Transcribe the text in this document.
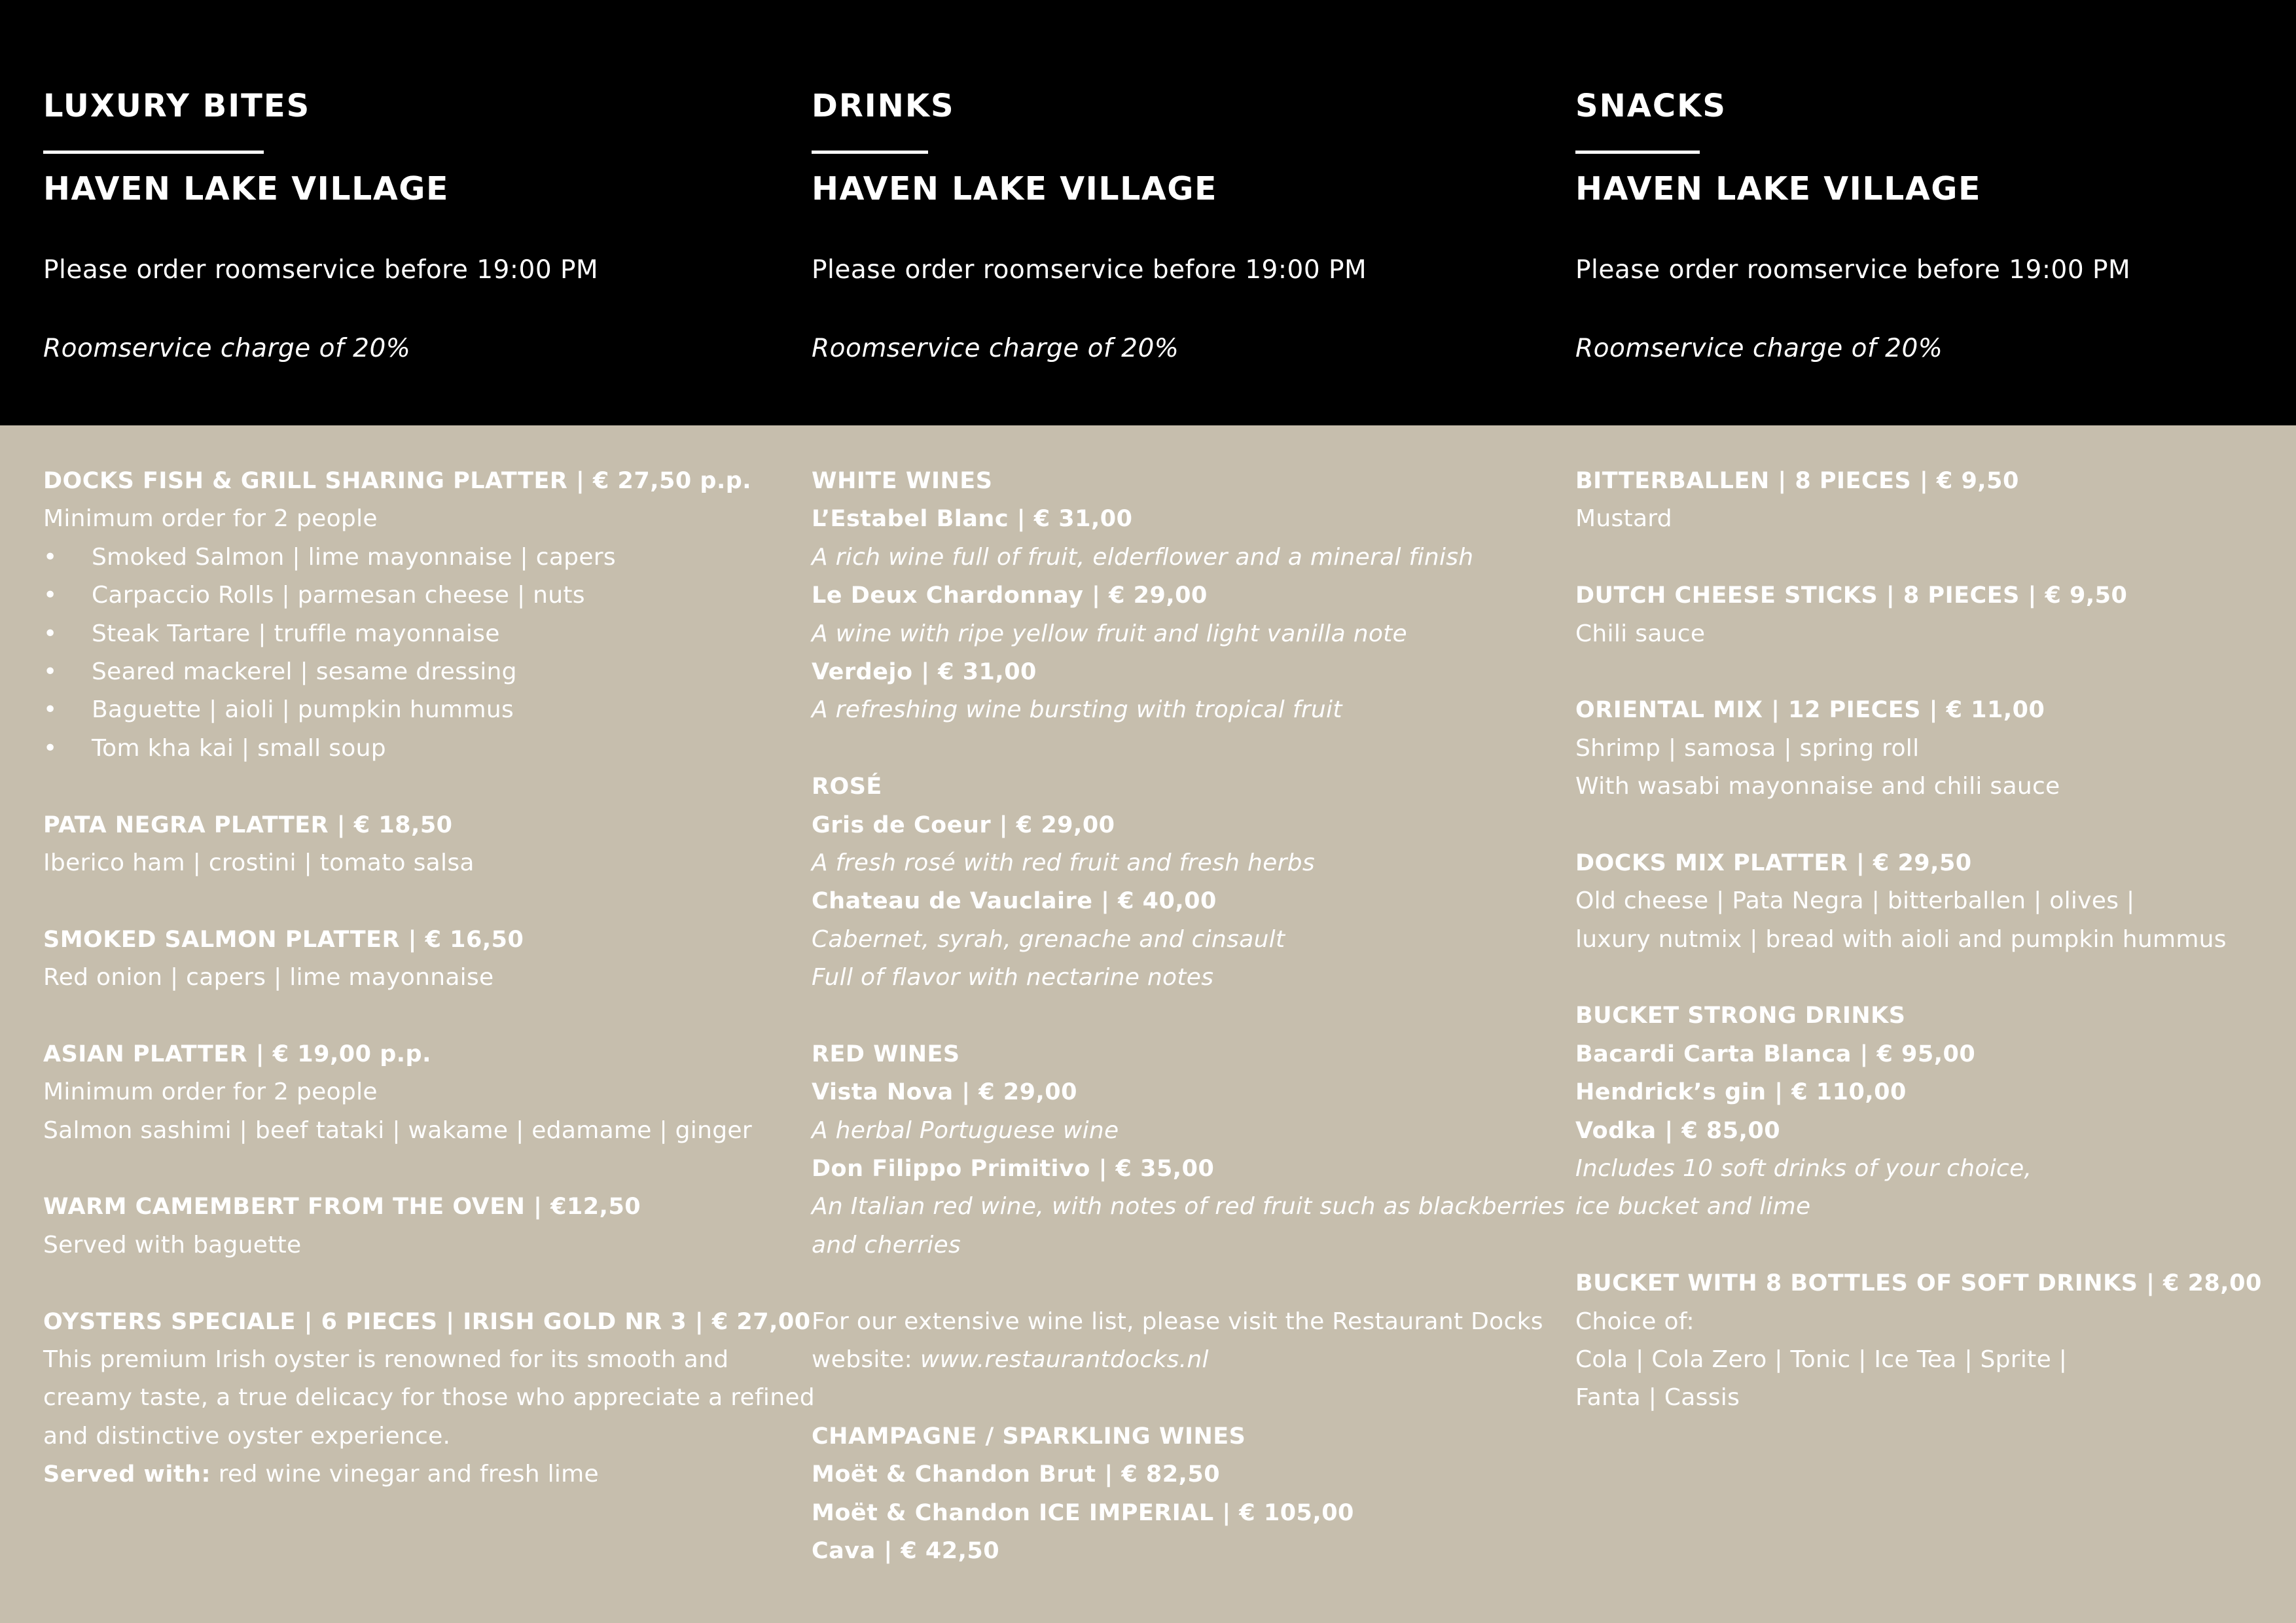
LUXURY BITES
HAVEN LAKE VILLAGE
Please order roomservice before 19:00 PM
Roomservice charge of 20%
DRINKS
HAVEN LAKE VILLAGE
Please order roomservice before 19:00 PM
Roomservice charge of 20%
SNACKS
HAVEN LAKE VILLAGE
Please order roomservice before 19:00 PM
Roomservice charge of 20%
DOCKS FISH & GRILL SHARING PLATTER | € 27,50 p.p.
Minimum order for 2 people
• Smoked Salmon | lime mayonnaise | capers
• Carpaccio Rolls | parmesan cheese | nuts
• Steak Tartare | truffle mayonnaise
• Seared mackerel | sesame dressing
• Baguette | aioli | pumpkin hummus
• Tom kha kai | small soup
PATA NEGRA PLATTER | € 18,50
Iberico ham | crostini | tomato salsa
SMOKED SALMON PLATTER | € 16,50
Red onion | capers | lime mayonnaise
ASIAN PLATTER | € 19,00 p.p.
Minimum order for 2 people
Salmon sashimi | beef tataki | wakame | edamame | ginger
WARM CAMEMBERT FROM THE OVEN | €12,50
Served with baguette
OYSTERS SPECIALE | 6 PIECES | IRISH GOLD NR 3 | € 27,00
This premium Irish oyster is renowned for its smooth and
creamy taste, a true delicacy for those who appreciate a refined
and distinctive oyster experience.
Served with: red wine vinegar and fresh lime
WHITE WINES
L’Estabel Blanc | € 31,00
A rich wine full of fruit, elderflower and a mineral finish
Le Deux Chardonnay | € 29,00
A wine with ripe yellow fruit and light vanilla note
Verdejo | € 31,00
A refreshing wine bursting with tropical fruit
ROSÉ
Gris de Coeur | € 29,00
A fresh rosé with red fruit and fresh herbs
Chateau de Vauclaire | € 40,00
Cabernet, syrah, grenache and cinsault
Full of flavor with nectarine notes
RED WINES
Vista Nova | € 29,00
A herbal Portuguese wine
Don Filippo Primitivo | € 35,00
An Italian red wine, with notes of red fruit such as blackberries
and cherries
For our extensive wine list, please visit the Restaurant Docks
website: www.restaurantdocks.nl
CHAMPAGNE / SPARKLING WINES
Moët & Chandon Brut | € 82,50
Moët & Chandon ICE IMPERIAL | € 105,00
Cava | € 42,50
BITTERBALLEN | 8 PIECES | € 9,50
Mustard
DUTCH CHEESE STICKS | 8 PIECES | € 9,50
Chili sauce
ORIENTAL MIX | 12 PIECES | € 11,00
Shrimp | samosa | spring roll
With wasabi mayonnaise and chili sauce
DOCKS MIX PLATTER | € 29,50
Old cheese | Pata Negra | bitterballen | olives |
luxury nutmix | bread with aioli and pumpkin hummus
BUCKET STRONG DRINKS
Bacardi Carta Blanca | € 95,00
Hendrick’s gin | € 110,00
Vodka | € 85,00
Includes 10 soft drinks of your choice,
ice bucket and lime
BUCKET WITH 8 BOTTLES OF SOFT DRINKS | € 28,00
Choice of:
Cola | Cola Zero | Tonic | Ice Tea | Sprite |
Fanta | Cassis
